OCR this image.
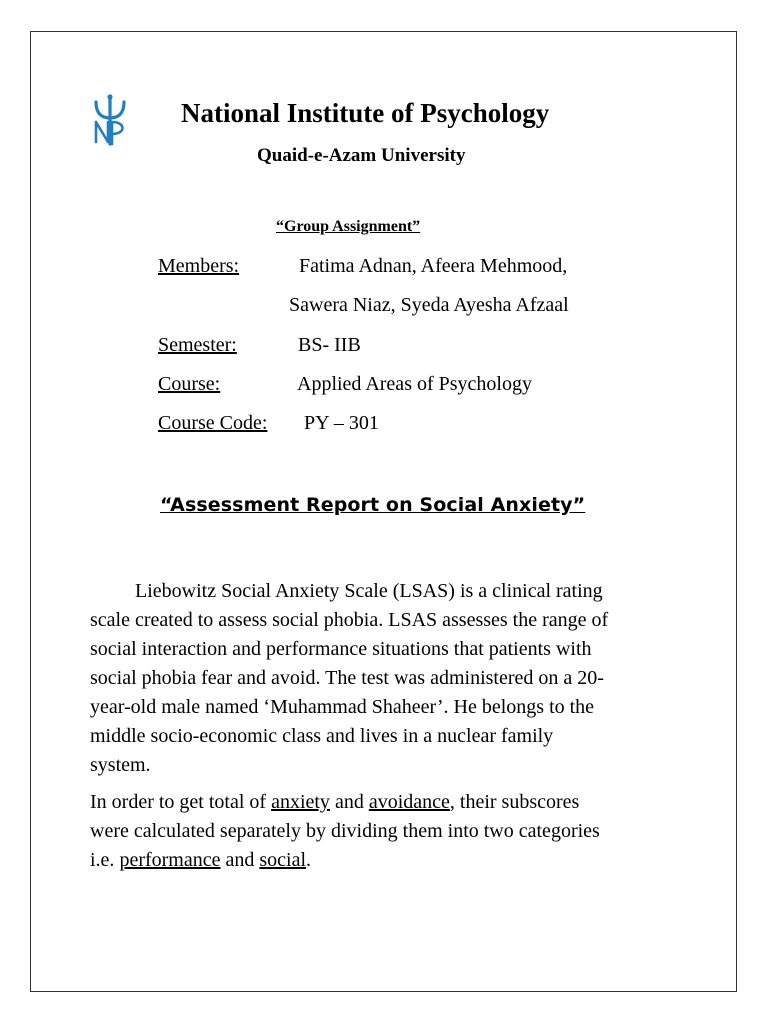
National Institute of Psychology
Quaid-e-Azam University
“Group Assignment”
Members:	Fatima Adnan, Afeera Mehmood,
Sawera Niaz, Syeda Ayesha Afzaal
Semester:	BS- IIB
Course:	Applied Areas of Psychology
Course Code: PY – 301
“Assessment Report on Social Anxiety”
Liebowitz Social Anxiety Scale (LSAS) is a clinical rating
scale created to assess social phobia. LSAS assesses the range of
social interaction and performance situations that patients with
social phobia fear and avoid. The test was administered on a 20-
year-old male named ‘Muhammad Shaheer’. He belongs to the
middle socio-economic class and lives in a nuclear family
system.
In order to get total of anxiety and avoidance, their subscores
were calculated separately by dividing them into two categories
i.e. performance and social.
